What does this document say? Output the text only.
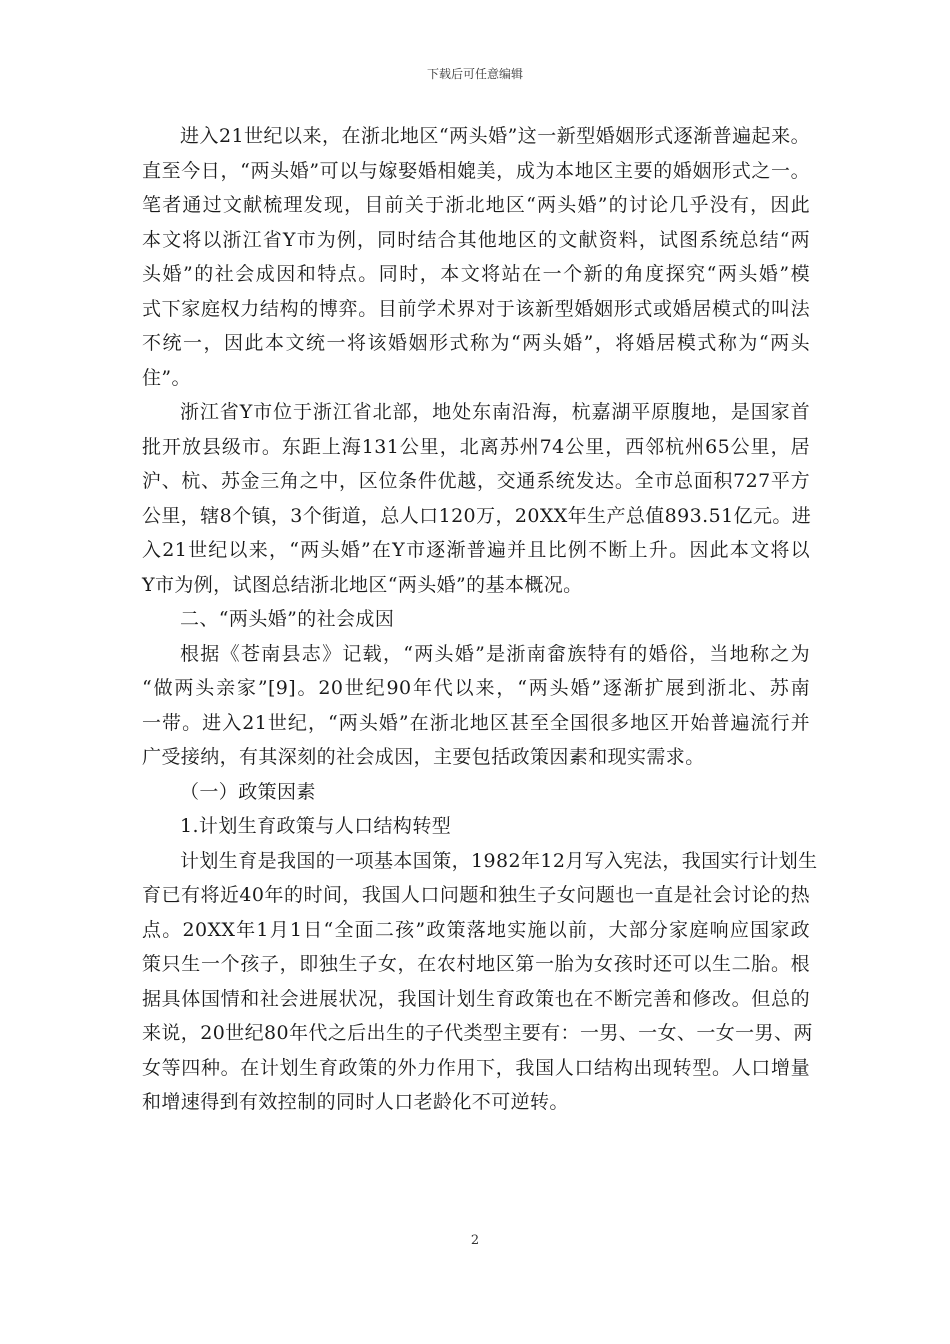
下载后可任意编辑
进入21世纪以来，在浙北地区“两头婚”这一新型婚姻形式逐渐普遍起来。
直至今日，“两头婚”可以与嫁娶婚相媲美，成为本地区主要的婚姻形式之一。
笔者通过文献梳理发现，目前关于浙北地区“两头婚”的讨论几乎没有，因此
本文将以浙江省Y市为例，同时结合其他地区的文献资料，试图系统总结“两
头婚”的社会成因和特点。同时，本文将站在一个新的角度探究“两头婚”模
式下家庭权力结构的博弈。目前学术界对于该新型婚姻形式或婚居模式的叫法
不统一，因此本文统一将该婚姻形式称为“两头婚”，将婚居模式称为“两头
住”。
浙江省Y市位于浙江省北部，地处东南沿海，杭嘉湖平原腹地，是国家首
批开放县级市。东距上海131公里，北离苏州74公里，西邻杭州65公里，居
沪、杭、苏金三角之中，区位条件优越，交通系统发达。全市总面积727平方
公里，辖8个镇，3个街道，总人口120万，20XX年生产总值893.51亿元。进
入21世纪以来，“两头婚”在Y市逐渐普遍并且比例不断上升。因此本文将以
Y市为例，试图总结浙北地区“两头婚”的基本概况。
二、“两头婚”的社会成因
根据《苍南县志》记载，“两头婚”是浙南畲族特有的婚俗，当地称之为
“做两头亲家”[9]。20世纪90年代以来，“两头婚”逐渐扩展到浙北、苏南
一带。进入21世纪，“两头婚”在浙北地区甚至全国很多地区开始普遍流行并
广受接纳，有其深刻的社会成因，主要包括政策因素和现实需求。
（一）政策因素
1.计划生育政策与人口结构转型
计划生育是我国的一项基本国策，1982年12月写入宪法，我国实行计划生
育已有将近40年的时间，我国人口问题和独生子女问题也一直是社会讨论的热
点。20XX年1月1日“全面二孩”政策落地实施以前，大部分家庭响应国家政
策只生一个孩子，即独生子女，在农村地区第一胎为女孩时还可以生二胎。根
据具体国情和社会进展状况，我国计划生育政策也在不断完善和修改。但总的
来说，20世纪80年代之后出生的子代类型主要有：一男、一女、一女一男、两
女等四种。在计划生育政策的外力作用下，我国人口结构出现转型。人口增量
和增速得到有效控制的同时人口老龄化不可逆转。
2
